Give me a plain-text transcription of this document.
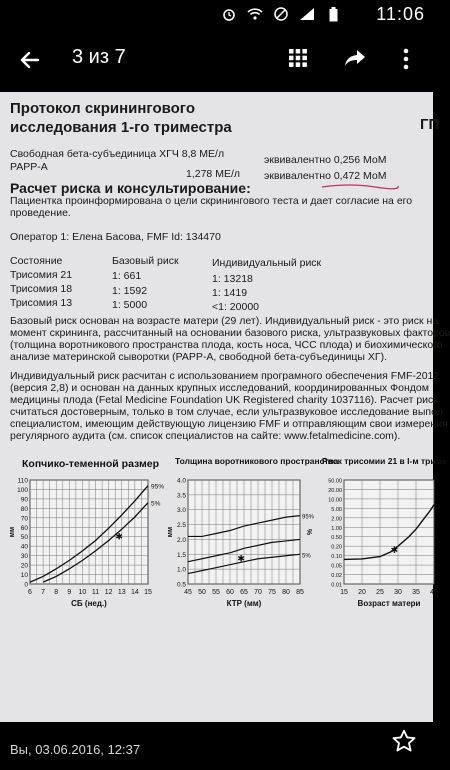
11:06
3 из 7
Протокол скринингового
исследования 1-го триместра	ГП
Свободная бета-субъединица ХГЧ 8,8 МЕ/л	эквивалентно 0,256 МоМ
PAPP-A
1,278 МЕ/л эквивалентно 0,472 МоМ
Расчет риска и консультирование:
Пациентка проинформирована о цели скринингового теста и дает согласие на его
проведение.
Оператор 1: Елена Басова, FMF Id: 134470
Состояние	Базовый риск	Индивидуальный риск
Трисомия 21	1: 661	1: 13218
Трисомия 18	1: 1592	1: 1419
Трисомия 13	1: 5000	<1: 20000
Базовый риск основан на возрасте матери (29 лет). Индивидуальный риск - это риск на
момент скрининга, рассчитанный на основании базового риска, ультразвуковых факторов
(толщина воротникового пространства плода, кость носа, ЧСС плода) и биохимического
анализе материнской сыворотки (PAPP-A, свободной бета-субъединицы ХГ).
Индивидуальный риск расчитан с использованием програмного обеспечения FMF-2012
(версия 2,8) и основан на данных крупных исследований, координированных Фондом
медицины плода (Fetal Medicine Foundation UK Registered charity 1037116). Расчет риск
считаться достоверным, только в том случае, если ультразвуковое исследование выпол
специалистом, имеющим действующую лицензию FMF и отправляющим свои измерения
регулярного аудита (см. список специалистов на сайте: www.fetalmedicine.com).
Копчико-теменной размер Толщина воротникового пространства
Риск трисомии 21 в I-м триме
0
10
20
30
40
50
60
70
80
90
100
110
6 7 8 9 10 11 12 13 14 15
СБ (нед.)
мм
95%
5%
✱
0.5
1.0
1.5
2.0
2.5
3.0
3.5
4.0
45 50 55 60 65 70 75 80 85
КТР (мм)
мм
95%
5%
✱
0.01
0.02
0.05
0.10
0.20
0.50
1.00
2.00
5.00
10.00
20.00
50.00
15 20 25 30 35 40
Возраст матери
%
✱
Вы, 03.06.2016, 12:37
